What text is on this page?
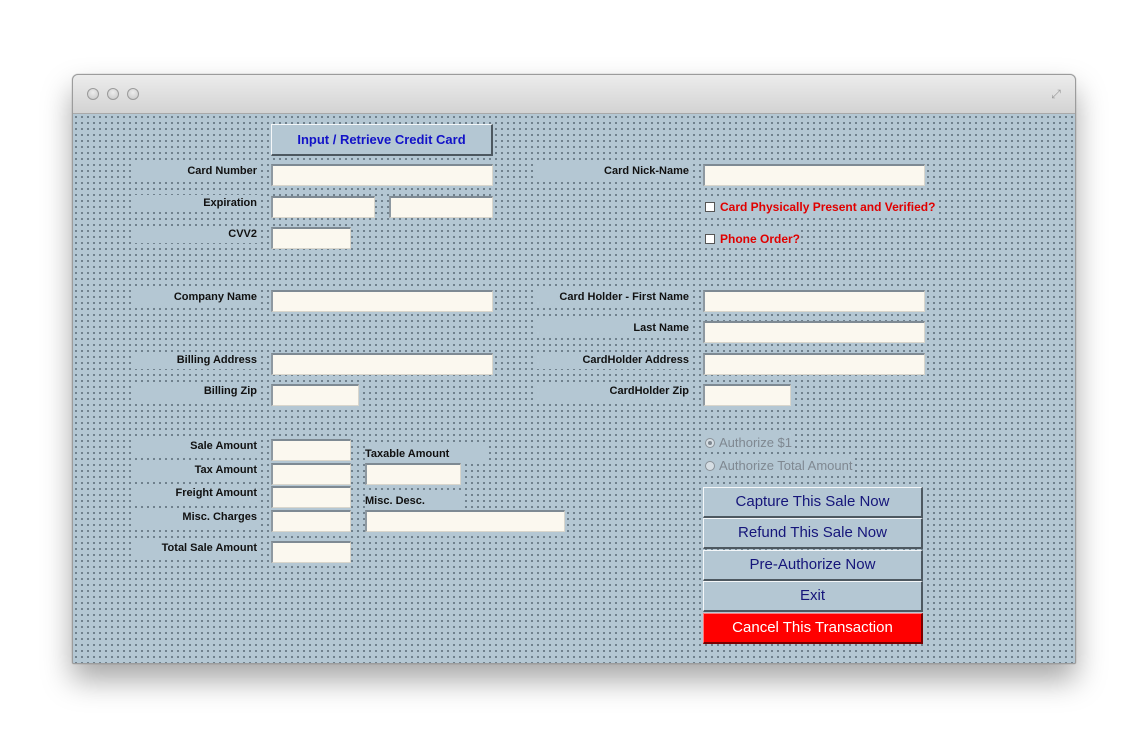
⤢
Input / Retrieve Credit Card
Card Number
Expiration
CVV2
Company Name
Billing Address
Billing Zip
Card Nick-Name
Card Physically Present and Verified?
Phone Order?
Card Holder - First Name
Last Name
CardHolder Address
CardHolder Zip
Sale Amount
Tax Amount
Freight Amount
Misc. Charges
Total Sale Amount
Taxable Amount
Misc. Desc.
Authorize $1
Authorize Total Amount
Capture This Sale Now
Refund This Sale Now
Pre-Authorize Now
Exit
Cancel This Transaction
